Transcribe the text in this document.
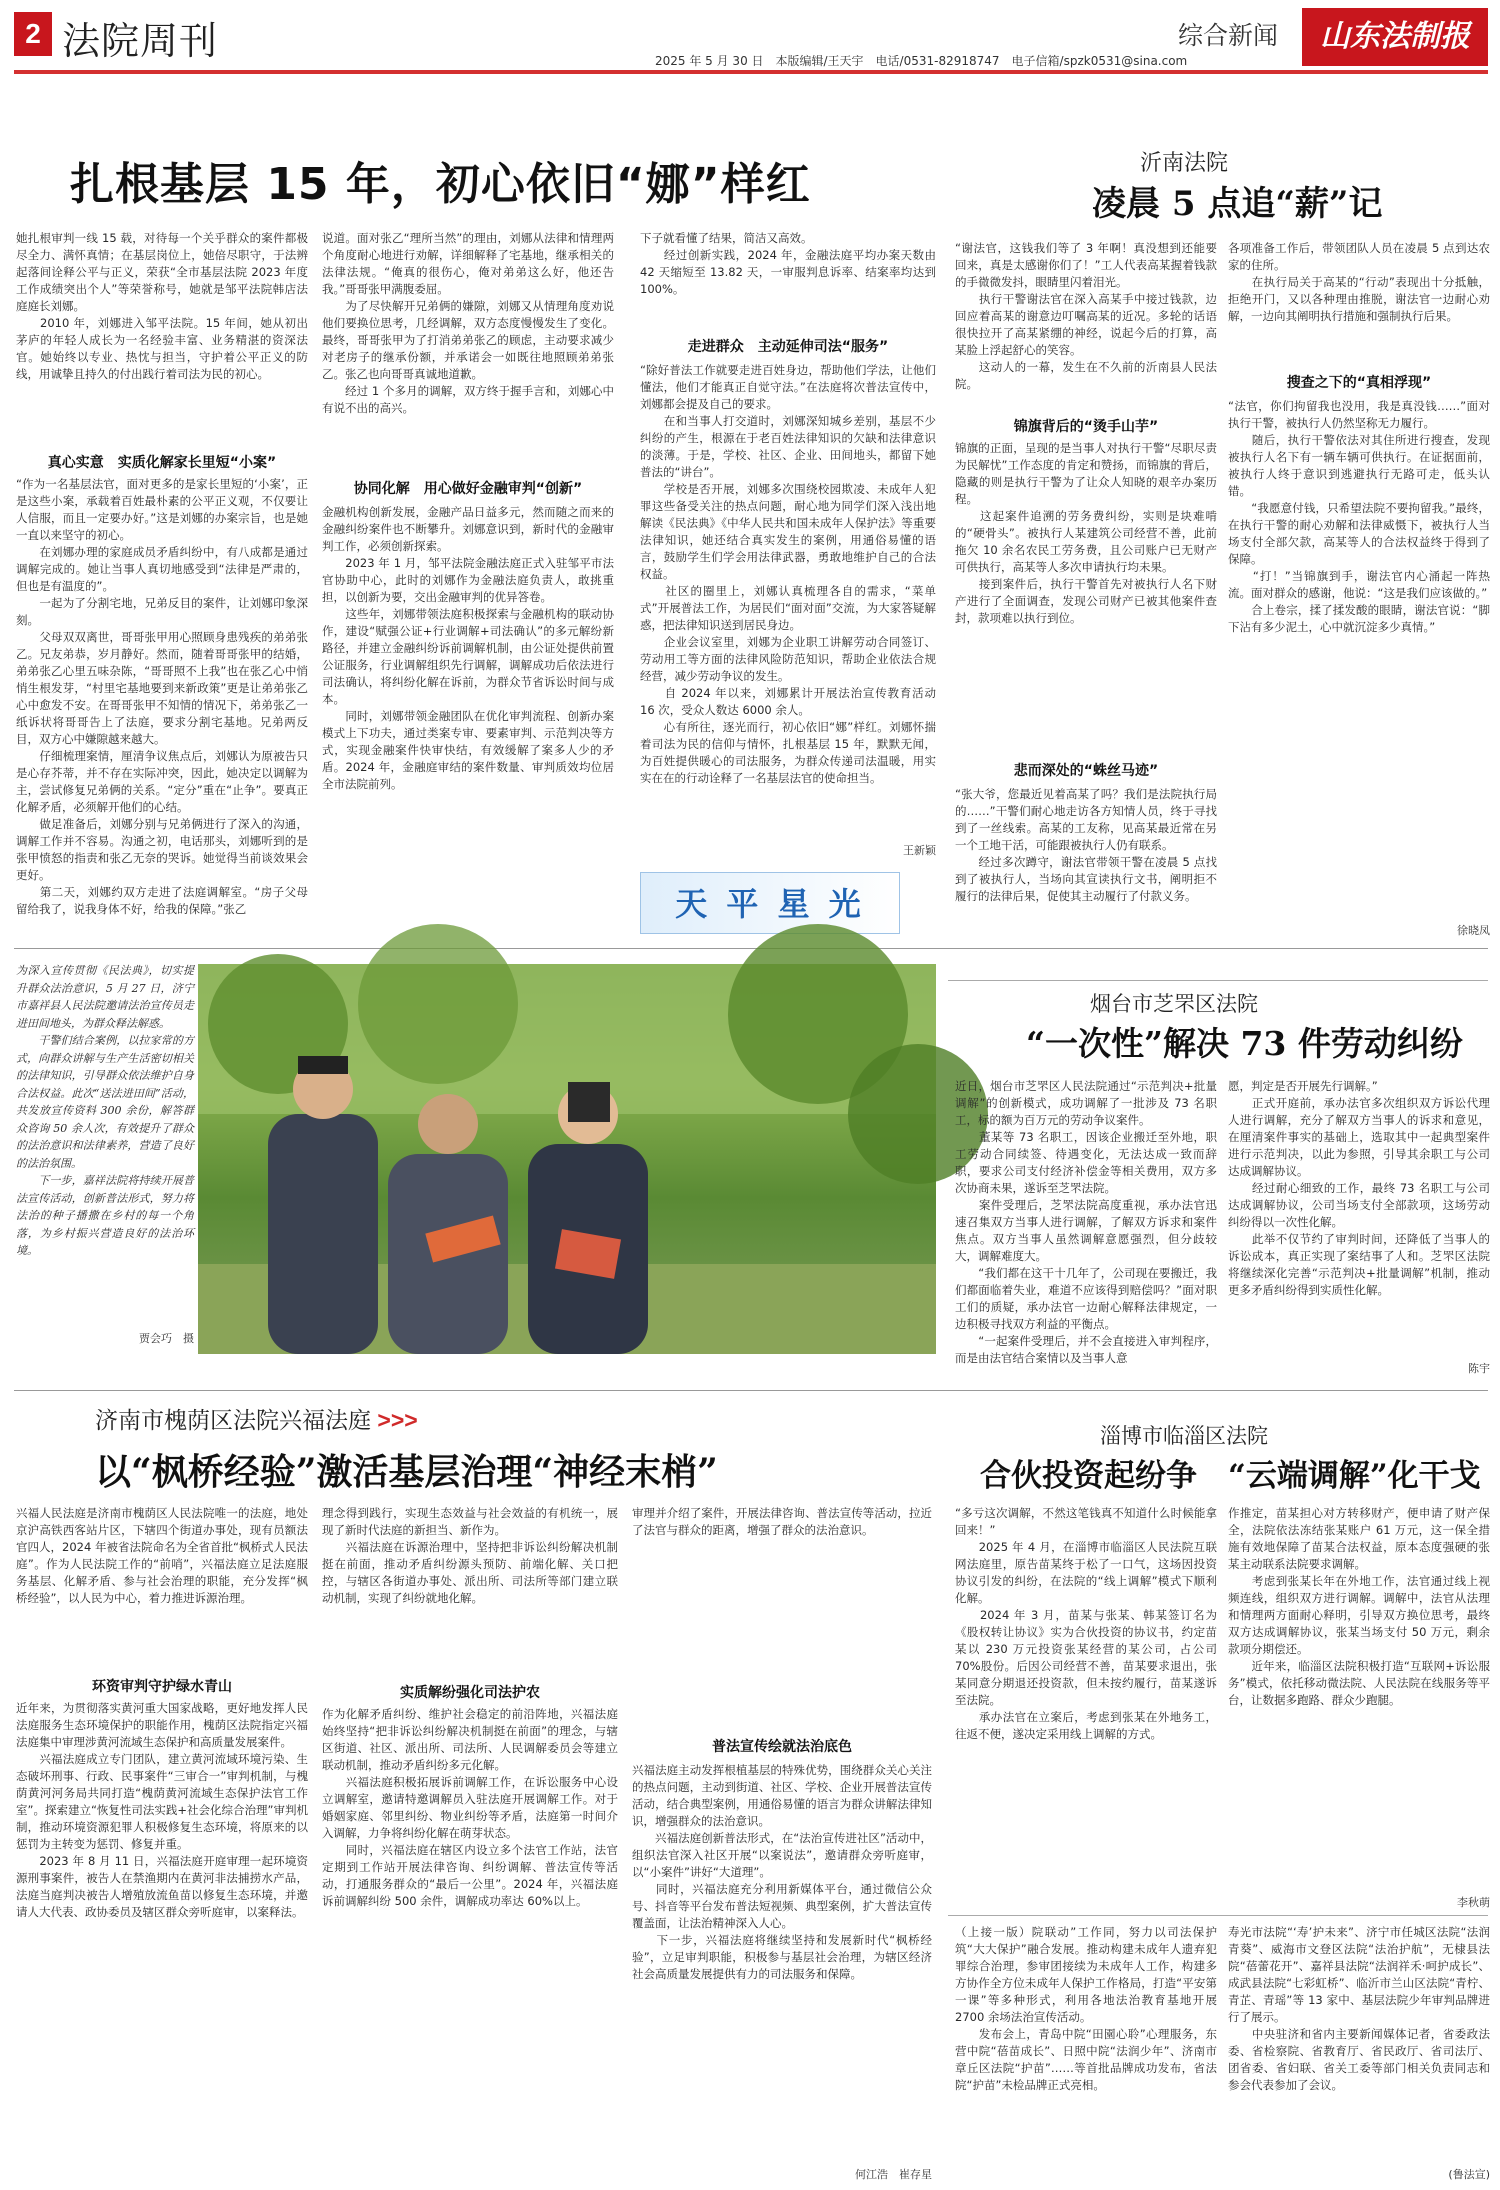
2 法院周刊	综合新闻	山东法制报
2025 年 5 月 30 日　本版编辑/王天宇　电话/0531-82918747　电子信箱/spzk0531@sina.com
扎根基层 15 年，初心依旧“娜”样红
她扎根审判一线 15 载，对待每一个关乎群众的案件都极尽全力、满怀真情；在基层岗位上，她倍尽职守，于法辨起落间诠释公平与正义，荣获“全市基层法院 2023 年度工作成绩突出个人”等荣誉称号，她就是邹平法院韩店法庭庭长刘娜。
　　2010 年，刘娜进入邹平法院。15 年间，她从初出茅庐的年轻人成长为一名经验丰富、业务精湛的资深法官。她始终以专业、热忱与担当，守护着公平正义的防线，用诚挚且持久的付出践行着司法为民的初心。
真心实意　实质化解家长里短“小案”
“作为一名基层法官，面对更多的是家长里短的‘小案’，正是这些小案，承载着百姓最朴素的公平正义观，不仅要让人信服，而且一定要办好。”这是刘娜的办案宗旨，也是她一直以来坚守的初心。
　　在刘娜办理的家庭成员矛盾纠纷中，有八成都是通过调解完成的。她让当事人真切地感受到“法律是严肃的，但也是有温度的”。
　　一起为了分割宅地，兄弟反目的案件，让刘娜印象深刻。
　　父母双双离世，哥哥张甲用心照顾身患残疾的弟弟张乙。兄友弟恭，岁月静好。然而，随着哥哥张甲的结婚，弟弟张乙心里五味杂陈，“哥哥照不上我”也在张乙心中悄悄生根发芽，“村里宅基地要到来新政策”更是让弟弟张乙心中愈发不安。在哥哥张甲不知情的情况下，弟弟张乙一纸诉状将哥哥告上了法庭，要求分割宅基地。兄弟两反目，双方心中嫌隙越来越大。
　　仔细梳理案情，厘清争议焦点后，刘娜认为原被告只是心存芥蒂，并不存在实际冲突，因此，她决定以调解为主，尝试修复兄弟俩的关系。“定分”重在“止争”。要真正化解矛盾，必须解开他们的心结。
　　做足准备后，刘娜分别与兄弟俩进行了深入的沟通，调解工作并不容易。沟通之初，电话那头，刘娜听到的是张甲愤怒的指责和张乙无奈的哭诉。她觉得当前谈效果会更好。
　　第二天，刘娜约双方走进了法庭调解室。“房子父母留给我了，说我身体不好，给我的保障。”张乙
说道。面对张乙“理所当然”的理由，刘娜从法律和情理两个角度耐心地进行劝解，详细解释了宅基地，继承相关的法律法规。“俺真的很伤心，俺对弟弟这么好，他还告我。”哥哥张甲满腹委屈。
　　为了尽快解开兄弟俩的嫌隙，刘娜又从情理角度劝说他们要换位思考，几经调解，双方态度慢慢发生了变化。最终，哥哥张甲为了打消弟弟张乙的顾虑，主动要求减少对老房子的继承份额，并承诺会一如既往地照顾弟弟张乙。张乙也向哥哥真诚地道歉。
　　经过 1 个多月的调解，双方终于握手言和，刘娜心中有说不出的高兴。
协同化解　用心做好金融审判“创新”
金融机构创新发展，金融产品日益多元，然而随之而来的金融纠纷案件也不断攀升。刘娜意识到，新时代的金融审判工作，必须创新探索。
　　2023 年 1 月，邹平法院金融法庭正式入驻邹平市法官协助中心，此时的刘娜作为金融法庭负责人，敢挑重担，以创新为要，交出金融审判的优异答卷。
　　这些年，刘娜带领法庭积极探索与金融机构的联动协作，建设“赋强公证+行业调解+司法确认”的多元解纷新路径，并建立金融纠纷诉前调解机制，由公证处提供前置公证服务，行业调解组织先行调解，调解成功后依法进行司法确认，将纠纷化解在诉前，为群众节省诉讼时间与成本。
　　同时，刘娜带领金融团队在优化审判流程、创新办案模式上下功夫，通过类案专审、要素审判、示范判决等方式，实现金融案件快审快结，有效缓解了案多人少的矛盾。2024 年，金融庭审结的案件数量、审判质效均位居全市法院前列。
下子就看懂了结果，简洁又高效。
　　经过创新实践，2024 年，金融法庭平均办案天数由 42 天缩短至 13.82 天，一审服判息诉率、结案率均达到 100%。
走进群众　主动延伸司法“服务”
“除好普法工作就要走进百姓身边，帮助他们学法，让他们懂法，他们才能真正自觉守法。”在法庭将次普法宣传中，刘娜都会提及自己的要求。
　　在和当事人打交道时，刘娜深知城乡差别，基层不少纠纷的产生，根源在于老百姓法律知识的欠缺和法律意识的淡薄。于是，学校、社区、企业、田间地头，都留下她普法的“讲台”。
　　学校是否开展，刘娜多次围绕校园欺凌、未成年人犯罪这些备受关注的热点问题，耐心地为同学们深入浅出地解读《民法典》《中华人民共和国未成年人保护法》等重要法律知识，她还结合真实发生的案例，用通俗易懂的语言，鼓励学生们学会用法律武器，勇敢地维护自己的合法权益。
　　社区的圈里上，刘娜认真梳理各自的需求，“菜单式”开展普法工作，为居民们“面对面”交流，为大家答疑解惑，把法律知识送到居民身边。
　　企业会议室里，刘娜为企业职工讲解劳动合同签订、劳动用工等方面的法律风险防范知识，帮助企业依法合规经营，减少劳动争议的发生。
　　自 2024 年以来，刘娜累计开展法治宣传教育活动 16 次，受众人数达 6000 余人。
　　心有所往，逐光而行，初心依旧“娜”样红。刘娜怀揣着司法为民的信仰与情怀，扎根基层 15 年，默默无闻，为百姓提供暖心的司法服务，为群众传递司法温暖，用实实在在的行动诠释了一名基层法官的使命担当。
王新颖
天 平 星 光
沂南法院
凌晨 5 点追“薪”记
“谢法官，这钱我们等了 3 年啊！真没想到还能要回来，真是太感谢你们了！”工人代表高某握着钱款的手微微发抖，眼睛里闪着泪光。
　　执行干警谢法官在深入高某手中接过钱款，边回应着高某的谢意边叮嘱高某的近况。多轮的话语很快拉开了高某紧绷的神经，说起今后的打算，高某脸上浮起舒心的笑容。
　　这动人的一幕，发生在不久前的沂南县人民法院。
锦旗背后的“烫手山芋”
锦旗的正面，呈现的是当事人对执行干警“尽职尽责　为民解忧”工作态度的肯定和赞扬，而锦旗的背后，隐藏的则是执行干警为了让众人知晓的艰辛办案历程。
　　这起案件追溯的劳务费纠纷，实则是块难啃的“硬骨头”。被执行人某建筑公司经营不善，此前拖欠 10 余名农民工劳务费，且公司账户已无财产可供执行，高某等人多次申请执行均未果。
　　接到案件后，执行干警首先对被执行人名下财产进行了全面调查，发现公司财产已被其他案件查封，款项难以执行到位。
悲而深处的“蛛丝马迹”
“张大爷，您最近见着高某了吗？我们是法院执行局的……”干警们耐心地走访各方知情人员，终于寻找到了一丝线索。高某的工友称，见高某最近常在另一个工地干活，可能跟被执行人仍有联系。
　　经过多次蹲守，谢法官带领干警在凌晨 5 点找到了被执行人，当场向其宣读执行文书，阐明拒不履行的法律后果，促使其主动履行了付款义务。
各项准备工作后，带领团队人员在凌晨 5 点到达农家的住所。
　　在执行局关于高某的“行动”表现出十分抵触，拒绝开门，又以各种理由推脱，谢法官一边耐心劝解，一边向其阐明执行措施和强制执行后果。
搜查之下的“真相浮现”
“法官，你们拘留我也没用，我是真没钱……”面对执行干警，被执行人仍然坚称无力履行。
　　随后，执行干警依法对其住所进行搜查，发现被执行人名下有一辆车辆可供执行。在证据面前，被执行人终于意识到逃避执行无路可走，低头认错。
　　“我愿意付钱，只希望法院不要拘留我。”最终，在执行干警的耐心劝解和法律威慑下，被执行人当场支付全部欠款，高某等人的合法权益终于得到了保障。
　　“打！”当锦旗到手，谢法官内心涌起一阵热流。面对群众的感谢，他说：“这是我们应该做的。”
　　合上卷宗，揉了揉发酸的眼睛，谢法官说：“脚下沾有多少泥土，心中就沉淀多少真情。”
徐晓凤
为深入宣传贯彻《民法典》，切实提升群众法治意识，5 月 27 日，济宁市嘉祥县人民法院邀请法治宣传员走进田间地头，为群众释法解惑。
　　干警们结合案例，以拉家常的方式，向群众讲解与生产生活密切相关的法律知识，引导群众依法维护自身合法权益。此次“送法进田间”活动，共发放宣传资料 300 余份，解答群众咨询 50 余人次，有效提升了群众的法治意识和法律素养，营造了良好的法治氛围。
　　下一步，嘉祥法院将持续开展普法宣传活动，创新普法形式，努力将法治的种子播撒在乡村的每一个角落，为乡村振兴营造良好的法治环境。
贾会巧　摄
烟台市芝罘区法院
“一次性”解决 73 件劳动纠纷
近日，烟台市芝罘区人民法院通过“示范判决+批量调解”的创新模式，成功调解了一批涉及 73 名职工，标的额为百万元的劳动争议案件。
　　董某等 73 名职工，因该企业搬迁至外地，职工劳动合同续签、待遇变化，无法达成一致而辞职，要求公司支付经济补偿金等相关费用，双方多次协商未果，遂诉至芝罘法院。
　　案件受理后，芝罘法院高度重视，承办法官迅速召集双方当事人进行调解，了解双方诉求和案件焦点。双方当事人虽然调解意愿强烈，但分歧较大，调解难度大。
　　“我们都在这干十几年了，公司现在要搬迁，我们都面临着失业，难道不应该得到赔偿吗？”面对职工们的质疑，承办法官一边耐心解释法律规定，一边积极寻找双方利益的平衡点。
　　“一起案件受理后，并不会直接进入审判程序，而是由法官结合案情以及当事人意
愿，判定是否开展先行调解。”
　　正式开庭前，承办法官多次组织双方诉讼代理人进行调解，充分了解双方当事人的诉求和意见，在厘清案件事实的基础上，选取其中一起典型案件进行示范判决，以此为参照，引导其余职工与公司达成调解协议。
　　经过耐心细致的工作，最终 73 名职工与公司达成调解协议，公司当场支付全部款项，这场劳动纠纷得以一次性化解。
　　此举不仅节约了审判时间，还降低了当事人的诉讼成本，真正实现了案结事了人和。芝罘区法院将继续深化完善“示范判决+批量调解”机制，推动更多矛盾纠纷得到实质性化解。
陈宇
济南市槐荫区法院兴福法庭 >>>
以“枫桥经验”激活基层治理“神经末梢”
兴福人民法庭是济南市槐荫区人民法院唯一的法庭，地处京沪高铁西客站片区，下辖四个街道办事处，现有员额法官四人，2024 年被省法院命名为全省首批“枫桥式人民法庭”。作为人民法院工作的“前哨”，兴福法庭立足法庭服务基层、化解矛盾、参与社会治理的职能，充分发挥“枫桥经验”，以人民为中心，着力推进诉源治理。
环资审判守护绿水青山
近年来，为贯彻落实黄河重大国家战略，更好地发挥人民法庭服务生态环境保护的职能作用，槐荫区法院指定兴福法庭集中审理涉黄河流域生态保护和高质量发展案件。
　　兴福法庭成立专门团队，建立黄河流域环境污染、生态破坏刑事、行政、民事案件“三审合一”审判机制，与槐荫黄河河务局共同打造“槐荫黄河流域生态保护法官工作室”。探索建立“恢复性司法实践+社会化综合治理”审判机制，推动环境资源犯罪人积极修复生态环境，将原来的以惩罚为主转变为惩罚、修复并重。
　　2023 年 8 月 11 日，兴福法庭开庭审理一起环境资源刑事案件，被告人在禁渔期内在黄河非法捕捞水产品，法庭当庭判决被告人增殖放流鱼苗以修复生态环境，并邀请人大代表、政协委员及辖区群众旁听庭审，以案释法。
理念得到践行，实现生态效益与社会效益的有机统一，展现了新时代法庭的新担当、新作为。
　　兴福法庭在诉源治理中，坚持把非诉讼纠纷解决机制挺在前面，推动矛盾纠纷源头预防、前端化解、关口把控，与辖区各街道办事处、派出所、司法所等部门建立联动机制，实现了纠纷就地化解。
实质解纷强化司法护农
作为化解矛盾纠纷、维护社会稳定的前沿阵地，兴福法庭始终坚持“把非诉讼纠纷解决机制挺在前面”的理念，与辖区街道、社区、派出所、司法所、人民调解委员会等建立联动机制，推动矛盾纠纷多元化解。
　　兴福法庭积极拓展诉前调解工作，在诉讼服务中心设立调解室，邀请特邀调解员入驻法庭开展调解工作。对于婚姻家庭、邻里纠纷、物业纠纷等矛盾，法庭第一时间介入调解，力争将纠纷化解在萌芽状态。
　　同时，兴福法庭在辖区内设立多个法官工作站，法官定期到工作站开展法律咨询、纠纷调解、普法宣传等活动，打通服务群众的“最后一公里”。2024 年，兴福法庭诉前调解纠纷 500 余件，调解成功率达 60%以上。
审理并介绍了案件，开展法律咨询、普法宣传等活动，拉近了法官与群众的距离，增强了群众的法治意识。
普法宣传绘就法治底色
兴福法庭主动发挥根植基层的特殊优势，围绕群众关心关注的热点问题，主动到街道、社区、学校、企业开展普法宣传活动，结合典型案例，用通俗易懂的语言为群众讲解法律知识，增强群众的法治意识。
　　兴福法庭创新普法形式，在“法治宣传进社区”活动中，组织法官深入社区开展“以案说法”，邀请群众旁听庭审，以“小案件”讲好“大道理”。
　　同时，兴福法庭充分利用新媒体平台，通过微信公众号、抖音等平台发布普法短视频、典型案例，扩大普法宣传覆盖面，让法治精神深入人心。
　　下一步，兴福法庭将继续坚持和发展新时代“枫桥经验”，立足审判职能，积极参与基层社会治理，为辖区经济社会高质量发展提供有力的司法服务和保障。
何江浩　崔存星
淄博市临淄区法院
合伙投资起纷争　“云端调解”化干戈
“多亏这次调解，不然这笔钱真不知道什么时候能拿回来！”
　　2025 年 4 月，在淄博市临淄区人民法院互联网法庭里，原告苗某终于松了一口气，这场因投资协议引发的纠纷，在法院的“线上调解”模式下顺利化解。
　　2024 年 3 月，苗某与张某、韩某签订名为《股权转让协议》实为合伙投资的协议书，约定苗某以 230 万元投资张某经营的某公司，占公司 70%股份。后因公司经营不善，苗某要求退出，张某同意分期退还投资款，但未按约履行，苗某遂诉至法院。
　　承办法官在立案后，考虑到张某在外地务工，往返不便，遂决定采用线上调解的方式。
作推定，苗某担心对方转移财产，便申请了财产保全，法院依法冻结张某账户 61 万元，这一保全措施有效地保障了苗某合法权益，原本态度强硬的张某主动联系法院要求调解。
　　考虑到张某长年在外地工作，法官通过线上视频连线，组织双方进行调解。调解中，法官从法理和情理两方面耐心释明，引导双方换位思考，最终双方达成调解协议，张某当场支付 50 万元，剩余款项分期偿还。
　　近年来，临淄区法院积极打造“互联网+诉讼服务”模式，依托移动微法院、人民法院在线服务等平台，让数据多跑路、群众少跑腿。
李秋萌
（上接一版）院联动”工作同，努力以司法保护筑“大大保护”融合发展。推动构建未成年人遗弃犯罪综合治理，参审团接续为未成年人工作，构建多方协作全方位未成年人保护工作格局，打造“平安第一课”等多种形式，利用各地法治教育基地开展 2700 余场法治宣传活动。
　　发布会上，青岛中院“田園心聆”心理服务，东营中院“蓓苗成长”、日照中院“法润少年”、济南市章丘区法院“护苗”……等首批品牌成功发布，省法院“护苗”未检品牌正式亮相。
寿光市法院“‘寿’护未来”、济宁市任城区法院“法润青葵”、威海市文登区法院“法治护航”，无棣县法院“蓓蕾花开”、嘉祥县法院“法润祥禾·呵护成长”、成武县法院“七彩虹桥”、临沂市兰山区法院“青柠、青芷、青瑶”等 13 家中、基层法院少年审判品牌进行了展示。
　　中央驻济和省内主要新闻媒体记者，省委政法委、省检察院、省教育厅、省民政厅、省司法厅、团省委、省妇联、省关工委等部门相关负责同志和参会代表参加了会议。
(鲁法宣)
